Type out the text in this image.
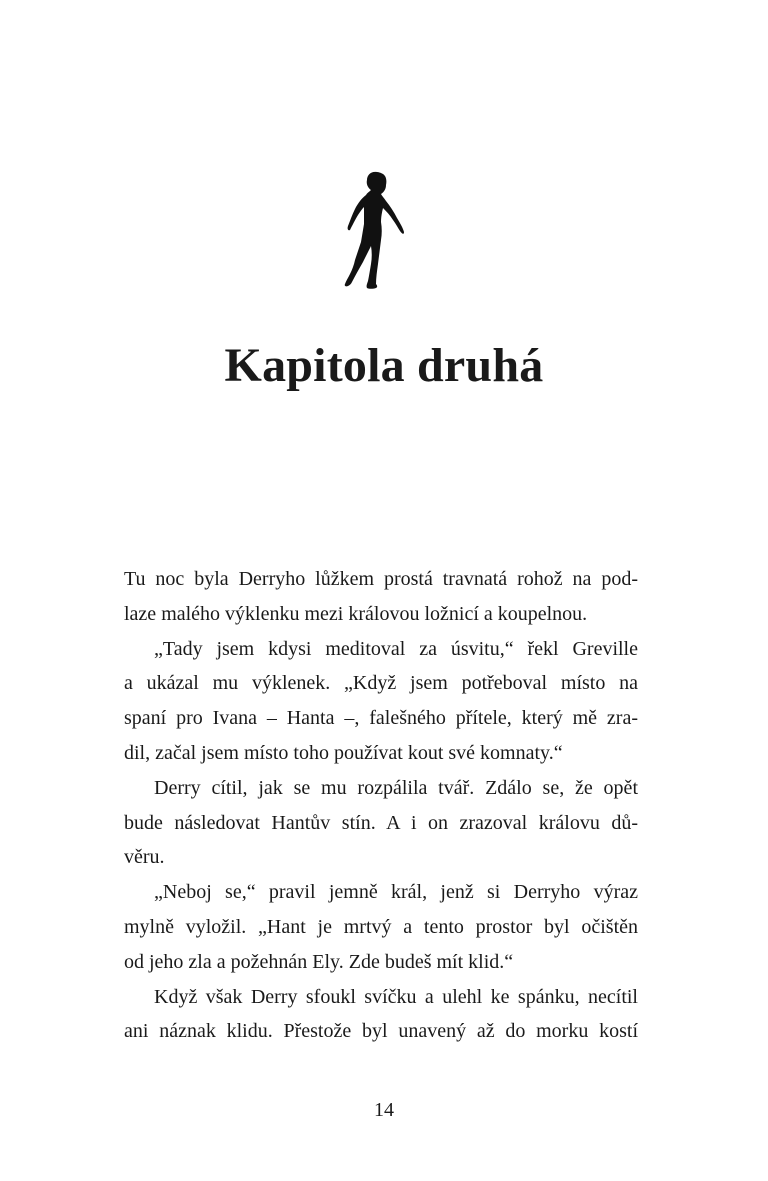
Kapitola druhá
Tu noc byla Derryho lůžkem prostá travnatá rohož na pod-
laze malého výklenku mezi královou ložnicí a koupelnou.
„Tady jsem kdysi meditoval za úsvitu,“ řekl Greville
a ukázal mu výklenek. „Když jsem potřeboval místo na
spaní pro Ivana – Hanta –, falešného přítele, který mě zra-
dil, začal jsem místo toho používat kout své komnaty.“
Derry cítil, jak se mu rozpálila tvář. Zdálo se, že opět
bude následovat Hantův stín. A i on zrazoval královu dů-
věru.
„Neboj se,“ pravil jemně král, jenž si Derryho výraz
mylně vyložil. „Hant je mrtvý a tento prostor byl očištěn
od jeho zla a požehnán Ely. Zde budeš mít klid.“
Když však Derry sfoukl svíčku a ulehl ke spánku, necítil
ani náznak klidu. Přestože byl unavený až do morku kostí
14
